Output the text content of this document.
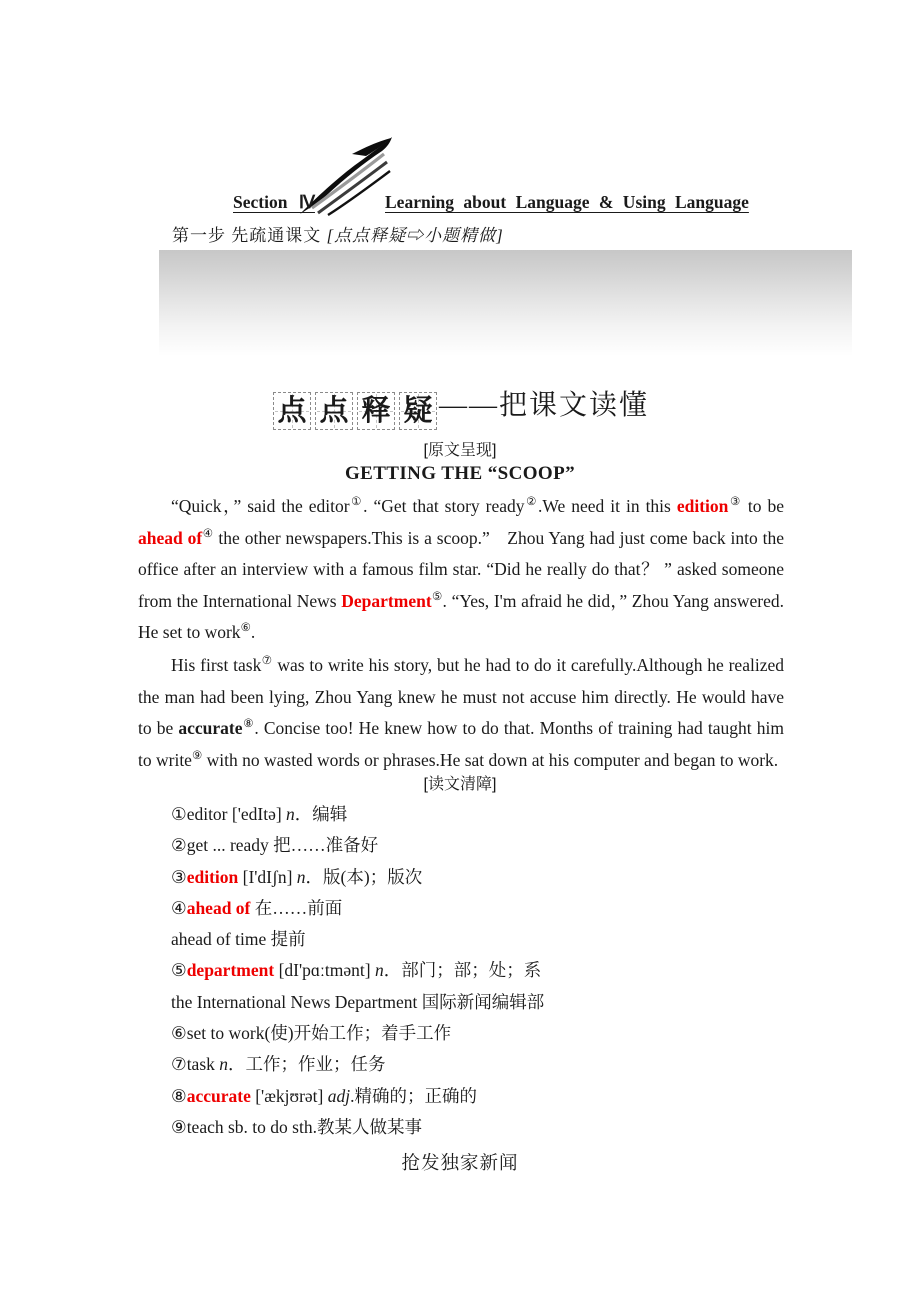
Section Ⅳ	Learning about Language & Using Language
第一步 先疏通课文 [点点释疑⇨小题精做]
点 点 释 疑 ——把课文读懂
[原文呈现]
GETTING THE “SCOOP”
“Quick，” said the editor①. “Get that story ready②.We need it in this edition③ to be ahead of④ the other newspapers.This is a scoop.” Zhou Yang had just come back into the office after an interview with a famous film star. “Did he really do that？ ” asked someone from the International News Department⑤. “Yes, I'm afraid he did，” Zhou Yang answered. He set to work⑥.
His first task⑦ was to write his story, but he had to do it carefully.Although he realized the man had been lying, Zhou Yang knew he must not accuse him directly. He would have to be accurate⑧. Concise too! He knew how to do that. Months of training had taught him to write⑨ with no wasted words or phrases.He sat down at his computer and began to work.
[读文清障]
①editor ['edItə] n．编辑
②get ... ready 把……准备好
③edition [I'dIʃn] n．版(本)；版次
④ahead of 在……前面
ahead of time 提前
⑤department [dI'pɑːtmənt] n．部门；部；处；系
the International News Department 国际新闻编辑部
⑥set to work(使)开始工作；着手工作
⑦task n．工作；作业；任务
⑧accurate ['ækjʊrət] adj.精确的；正确的
⑨teach sb. to do sth.教某人做某事
抢发独家新闻
